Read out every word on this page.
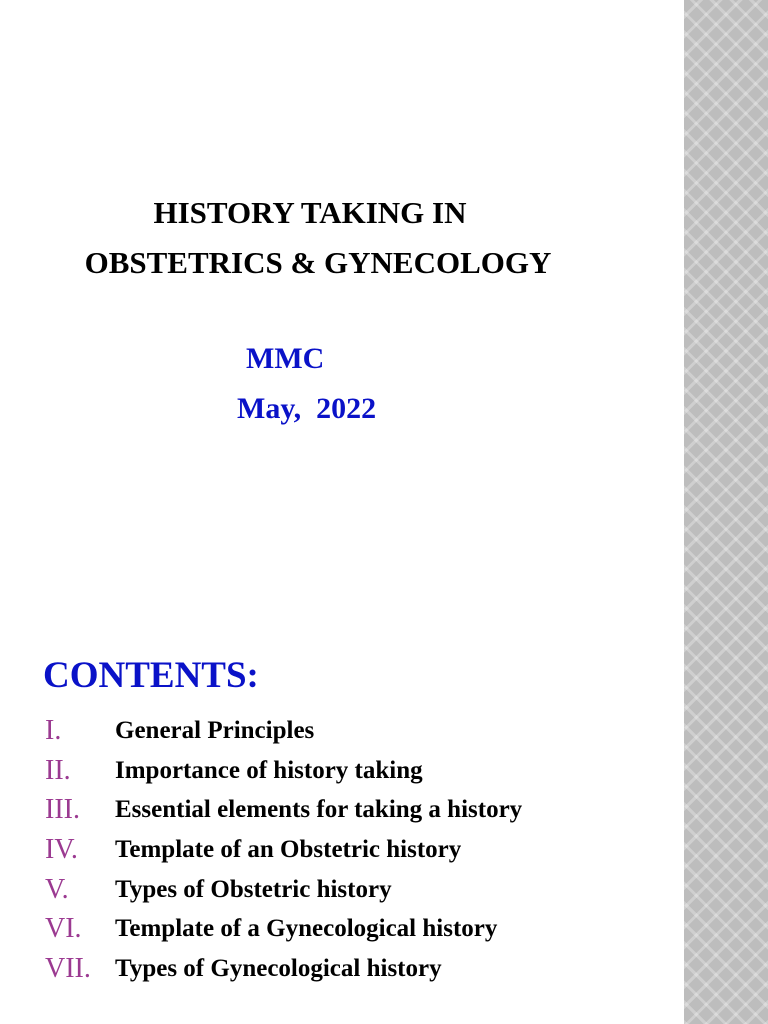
HISTORY TAKING IN
OBSTETRICS & GYNECOLOGY
MMC
May,  2022
CONTENTS:
I. General Principles
II. Importance of history taking
III. Essential elements for taking a history
IV. Template of an Obstetric history
V. Types of Obstetric history
VI. Template of a Gynecological history
VII. Types of Gynecological history
